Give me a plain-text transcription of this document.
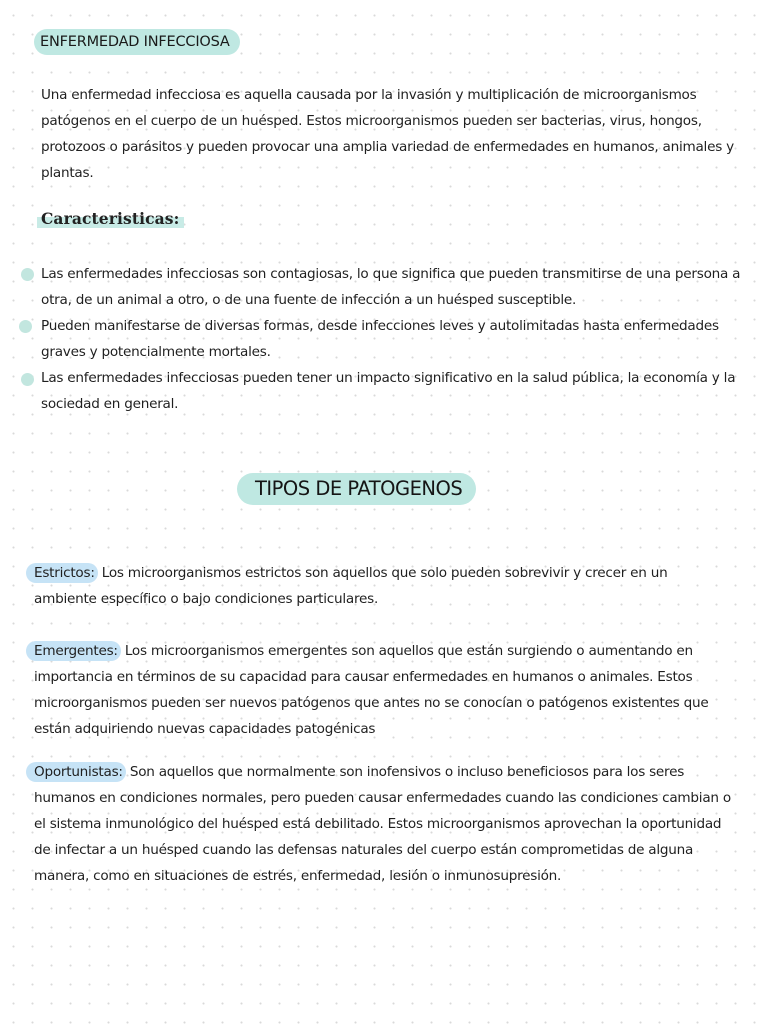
ENFERMEDAD INFECCIOSA

Una enfermedad infecciosa es aquella causada por la invasión y multiplicación de microorganismos patógenos en el cuerpo de un huésped. Estos microorganismos pueden ser bacterias, virus, hongos, protozoos o parásitos y pueden provocar una amplia variedad de enfermedades en humanos, animales y plantas.

Caracteristicas:

Las enfermedades infecciosas son contagiosas, lo que significa que pueden transmitirse de una persona a otra, de un animal a otro, o de una fuente de infección a un huésped susceptible.

Pueden manifestarse de diversas formas, desde infecciones leves y autolimitadas hasta enfermedades graves y potencialmente mortales.

Las enfermedades infecciosas pueden tener un impacto significativo en la salud pública, la economía y la sociedad en general.

TIPOS DE PATOGENOS

Estrictos: Los microorganismos estrictos son aquellos que solo pueden sobrevivir y crecer en un ambiente específico o bajo condiciones particulares.

Emergentes: Los microorganismos emergentes son aquellos que están surgiendo o aumentando en importancia en términos de su capacidad para causar enfermedades en humanos o animales. Estos microorganismos pueden ser nuevos patógenos que antes no se conocían o patógenos existentes que están adquiriendo nuevas capacidades patogénicas

Oportunistas: Son aquellos que normalmente son inofensivos o incluso beneficiosos para los seres humanos en condiciones normales, pero pueden causar enfermedades cuando las condiciones cambian o el sistema inmunológico del huésped está debilitado. Estos microorganismos aprovechan la oportunidad de infectar a un huésped cuando las defensas naturales del cuerpo están comprometidas de alguna manera, como en situaciones de estrés, enfermedad, lesión o inmunosupresión.
